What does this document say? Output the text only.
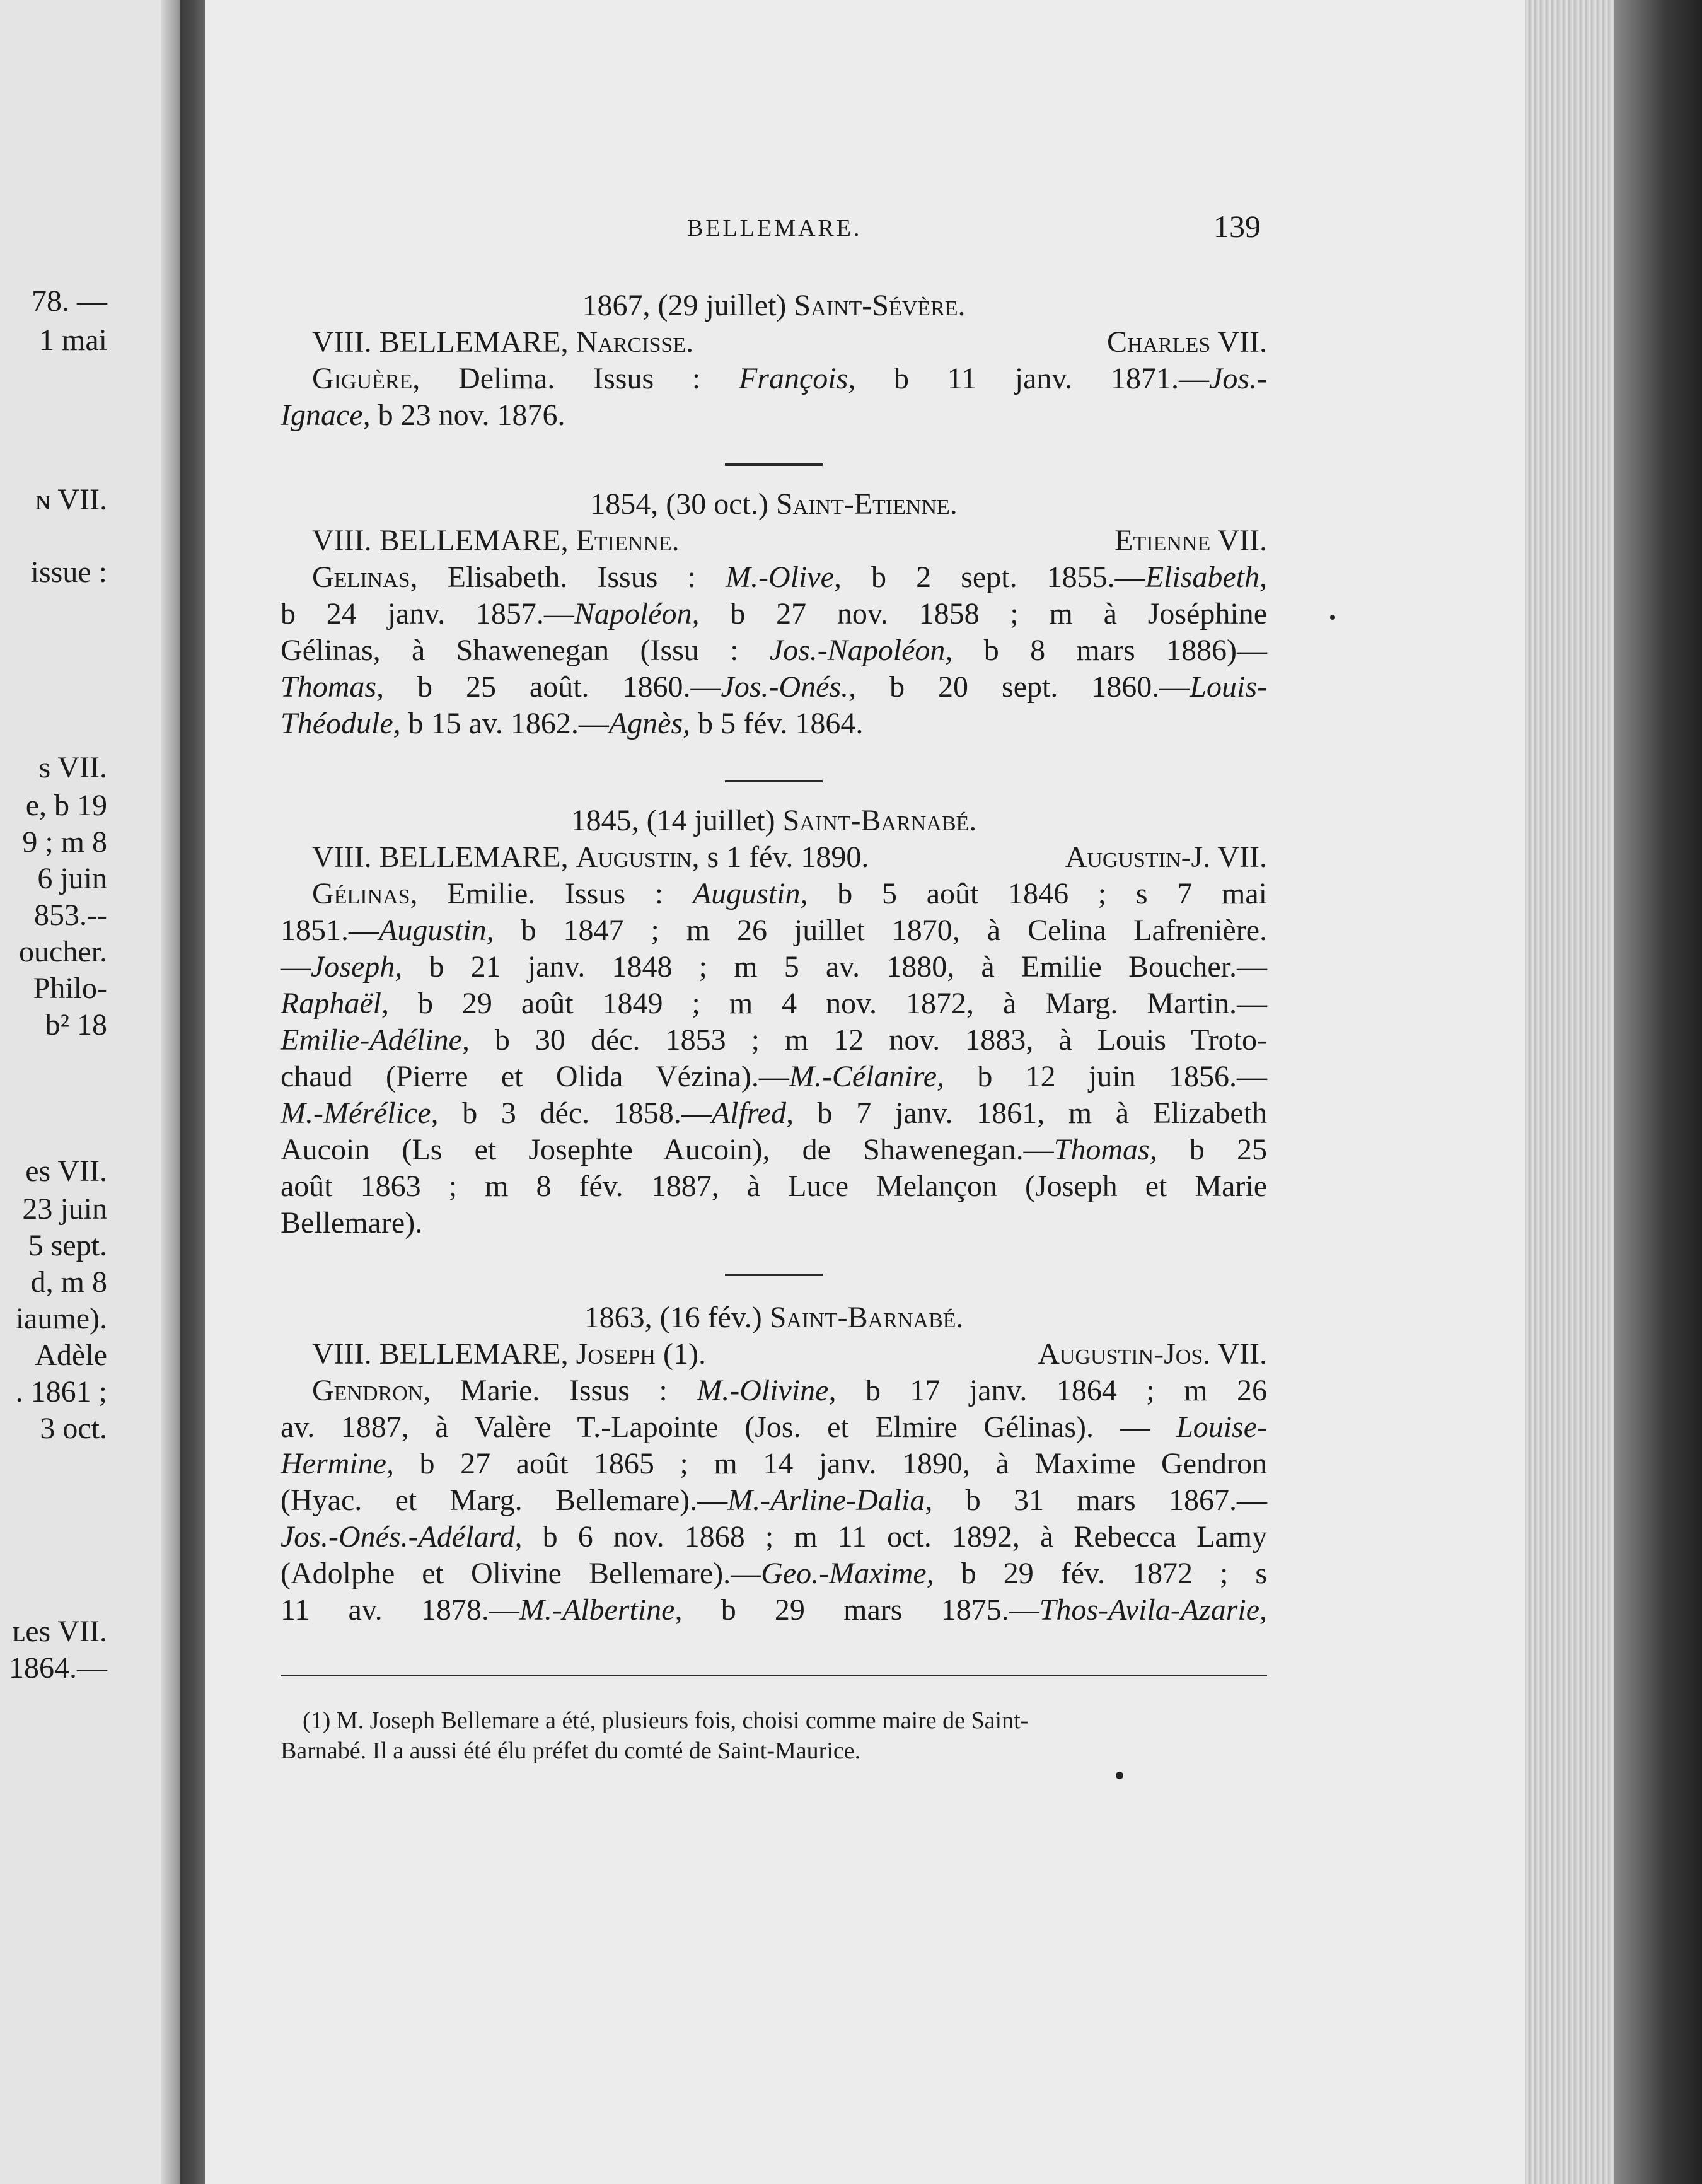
78. —
1 mai
ɴ VII.
issue :
s VII.
e, b 19
9 ; m 8
6 juin
853.--
oucher.
Philo-
b² 18
es VII.
23 juin
5 sept.
d, m 8
iaume).
Adèle
. 1861 ;
3 oct.
ʟes VII.
1864.—
BELLEMARE.	139
1867, (29 juillet) Saint-Sévère.
VIII. BELLEMARE, Narcisse.	Charles VII.
Giguère, Delima. Issus : François, b 11 janv. 1871.—Jos.-
Ignace, b 23 nov. 1876.
1854, (30 oct.) Saint-Etienne.
VIII. BELLEMARE, Etienne.	Etienne VII.
Gelinas, Elisabeth. Issus : M.-Olive, b 2 sept. 1855.—Elisabeth,
b 24 janv. 1857.—Napoléon, b 27 nov. 1858 ; m à Joséphine
Gélinas, à Shawenegan (Issu : Jos.-Napoléon, b 8 mars 1886)—
Thomas, b 25 août. 1860.—Jos.-Onés., b 20 sept. 1860.—Louis-
Théodule, b 15 av. 1862.—Agnès, b 5 fév. 1864.
1845, (14 juillet) Saint-Barnabé.
VIII. BELLEMARE, Augustin, s 1 fév. 1890.	Augustin-J. VII.
Gélinas, Emilie. Issus : Augustin, b 5 août 1846 ; s 7 mai
1851.—Augustin, b 1847 ; m 26 juillet 1870, à Celina Lafrenière.
—Joseph, b 21 janv. 1848 ; m 5 av. 1880, à Emilie Boucher.—
Raphaël, b 29 août 1849 ; m 4 nov. 1872, à Marg. Martin.—
Emilie-Adéline, b 30 déc. 1853 ; m 12 nov. 1883, à Louis Troto-
chaud (Pierre et Olida Vézina).—M.-Célanire, b 12 juin 1856.—
M.-Mérélice, b 3 déc. 1858.—Alfred, b 7 janv. 1861, m à Elizabeth
Aucoin (Ls et Josephte Aucoin), de Shawenegan.—Thomas, b 25
août 1863 ; m 8 fév. 1887, à Luce Melançon (Joseph et Marie
Bellemare).
1863, (16 fév.) Saint-Barnabé.
VIII. BELLEMARE, Joseph (1).	Augustin-Jos. VII.
Gendron, Marie. Issus : M.-Olivine, b 17 janv. 1864 ; m 26
av. 1887, à Valère T.-Lapointe (Jos. et Elmire Gélinas). — Louise-
Hermine, b 27 août 1865 ; m 14 janv. 1890, à Maxime Gendron
(Hyac. et Marg. Bellemare).—M.-Arline-Dalia, b 31 mars 1867.—
Jos.-Onés.-Adélard, b 6 nov. 1868 ; m 11 oct. 1892, à Rebecca Lamy
(Adolphe et Olivine Bellemare).—Geo.-Maxime, b 29 fév. 1872 ; s
11 av. 1878.—M.-Albertine, b 29 mars 1875.—Thos-Avila-Azarie,
(1) M. Joseph Bellemare a été, plusieurs fois, choisi comme maire de Saint-
Barnabé. Il a aussi été élu préfet du comté de Saint-Maurice.
